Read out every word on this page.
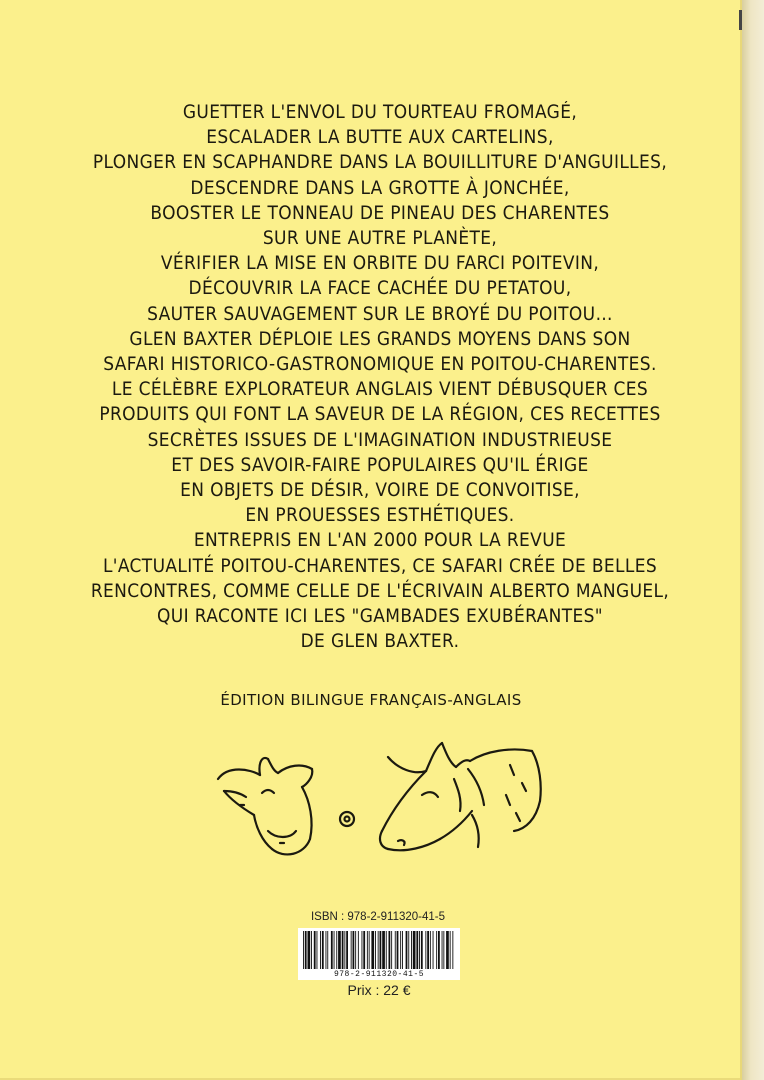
GUETTER L'ENVOL DU TOURTEAU FROMAGÉ,
ESCALADER LA BUTTE AUX CARTELINS,
PLONGER EN SCAPHANDRE DANS LA BOUILLITURE D'ANGUILLES,
DESCENDRE DANS LA GROTTE À JONCHÉE,
BOOSTER LE TONNEAU DE PINEAU DES CHARENTES
SUR UNE AUTRE PLANÈTE,
VÉRIFIER LA MISE EN ORBITE DU FARCI POITEVIN,
DÉCOUVRIR LA FACE CACHÉE DU PETATOU,
SAUTER SAUVAGEMENT SUR LE BROYÉ DU POITOU…
GLEN BAXTER DÉPLOIE LES GRANDS MOYENS DANS SON
SAFARI HISTORICO-GASTRONOMIQUE EN POITOU-CHARENTES.
LE CÉLÈBRE EXPLORATEUR ANGLAIS VIENT DÉBUSQUER CES
PRODUITS QUI FONT LA SAVEUR DE LA RÉGION, CES RECETTES
SECRÈTES ISSUES DE L'IMAGINATION INDUSTRIEUSE
ET DES SAVOIR-FAIRE POPULAIRES QU'IL ÉRIGE
EN OBJETS DE DÉSIR, VOIRE DE CONVOITISE,
EN PROUESSES ESTHÉTIQUES.
ENTREPRIS EN L'AN 2000 POUR LA REVUE
L'ACTUALITÉ POITOU-CHARENTES, CE SAFARI CRÉE DE BELLES
RENCONTRES, COMME CELLE DE L'ÉCRIVAIN ALBERTO MANGUEL,
QUI RACONTE ICI LES "GAMBADES EXUBÉRANTES"
DE GLEN BAXTER.
ÉDITION BILINGUE FRANÇAIS-ANGLAIS
ISBN : 978-2-911320-41-5
978-2-911320-41-5
Prix : 22 €
